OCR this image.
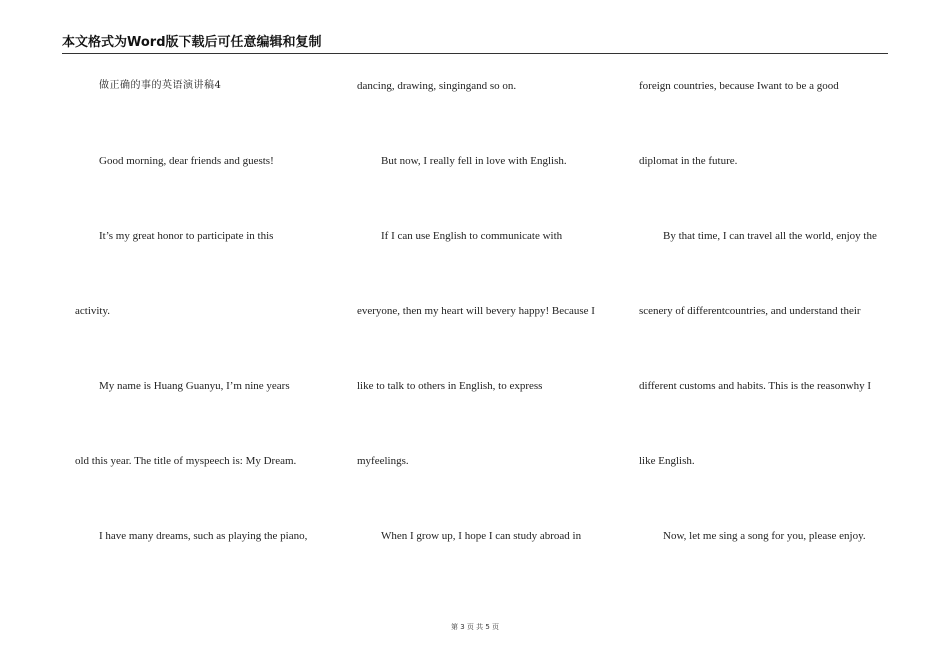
本文格式为Word版下载后可任意编辑和复制
做正确的事的英语演讲稿4
Good morning, dear friends and guests!
It’s my great honor to participate in this
activity.
My name is Huang Guanyu, I’m nine years
old this year. The title of myspeech is: My Dream.
I have many dreams, such as playing the piano,
dancing, drawing, singingand so on.
But now, I really fell in love with English.
If I can use English to communicate with
everyone, then my heart will bevery happy! Because I
like to talk to others in English, to express
myfeelings.
When I grow up, I hope I can study abroad in
foreign countries, because Iwant to be a good
diplomat in the future.
By that time, I can travel all the world, enjoy the
scenery of differentcountries, and understand their
different customs and habits. This is the reasonwhy I
like English.
Now, let me sing a song for you, please enjoy.
第 3 页 共 5 页
